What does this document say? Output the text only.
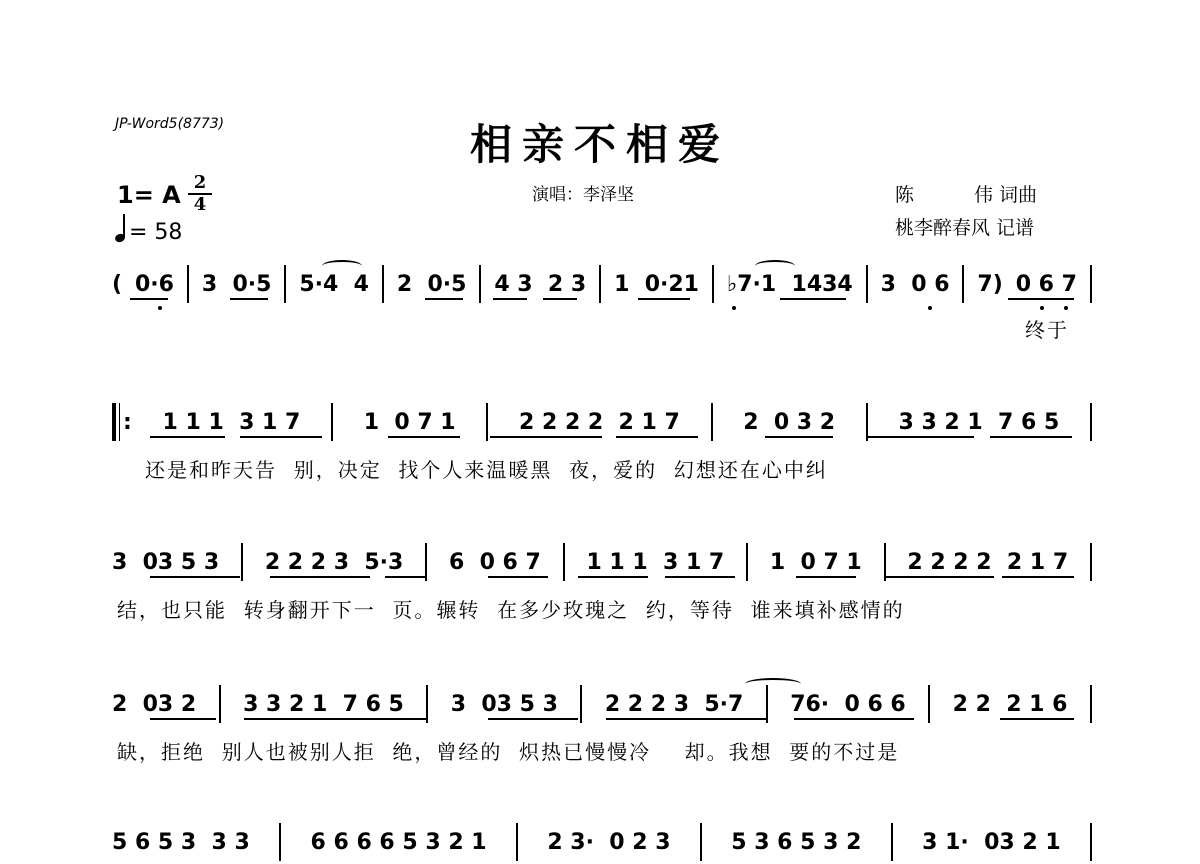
JP-Word5(8773)	相亲不相爱
演唱：李泽坚
1= A 2
4
= 58
陈	伟 词曲
桃李醉春风 记谱
( 0·6 3  0·5 5·4  4 2  0·5 4 3  2 3 1  0·21 ♭7·1  1434 3  0 6 7) 0 6 7
终于
: 1 1 1  3 1 7	1  0 7 1	2 2 2 2  2 1 7	2  0 3 2	3 3 2 1  7 6 5
还是和昨天告  别，决定  找个人来温暖黑  夜，爱的  幻想还在心中纠
3  03 5 3 2 2 2 3  5·3 6  0 6 7 1 1 1  3 1 7 1  0 7 1 2 2 2 2  2 1 7
结，也只能  转身翻开下一  页。辗转  在多少玫瑰之  约，等待  谁来填补感情的
2  03 2 3 3 2 1  7 6 5 3  03 5 3 2 2 2 3  5·7 76·  0 6 6 2 2  2 1 6
缺，拒绝  别人也被别人拒  绝，曾经的  炽热已慢慢冷    却。我想  要的不过是
5 6 5 3  3 3	6 6 6 6 5 3 2 1	2 3·  0 2 3	5 3 6 5 3 2	3 1·  03 2 1
